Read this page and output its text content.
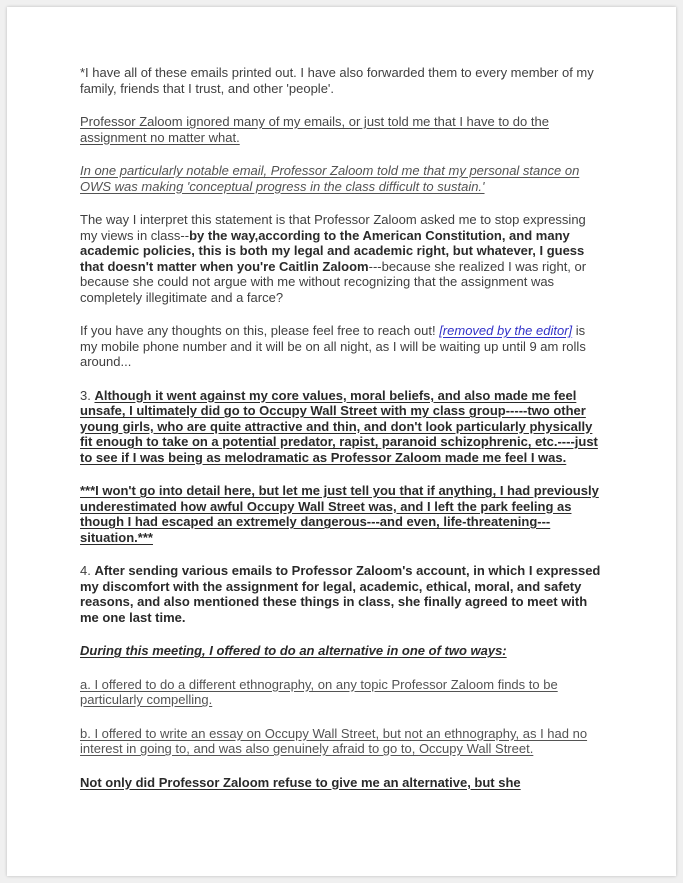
*I have all of these emails printed out. I have also forwarded them to every member of my family, friends that I trust, and other 'people'.

Professor Zaloom ignored many of my emails, or just told me that I have to do the assignment no matter what.

In one particularly notable email, Professor Zaloom told me that my personal stance on OWS was making 'conceptual progress in the class difficult to sustain.'

The way I interpret this statement is that Professor Zaloom asked me to stop expressing my views in class--by the way,according to the American Constitution, and many academic policies, this is both my legal and academic right, but whatever, I guess that doesn't matter when you're Caitlin Zaloom---because she realized I was right, or because she could not argue with me without recognizing that the assignment was completely illegitimate and a farce?

If you have any thoughts on this, please feel free to reach out! [removed by the editor] is my mobile phone number and it will be on all night, as I will be waiting up until 9 am rolls around...

3. Although it went against my core values, moral beliefs, and also made me feel unsafe, I ultimately did go to Occupy Wall Street with my class group-----two other young girls, who are quite attractive and thin, and don't look particularly physically fit enough to take on a potential predator, rapist, paranoid schizophrenic, etc.----just to see if I was being as melodramatic as Professor Zaloom made me feel I was.

***I won't go into detail here, but let me just tell you that if anything, I had previously underestimated how awful Occupy Wall Street was, and I left the park feeling as though I had escaped an extremely dangerous---and even, life-threatening---situation.***

4. After sending various emails to Professor Zaloom's account, in which I expressed my discomfort with the assignment for legal, academic, ethical, moral, and safety reasons, and also mentioned these things in class, she finally agreed to meet with me one last time.

During this meeting, I offered to do an alternative in one of two ways:

a. I offered to do a different ethnography, on any topic Professor Zaloom finds to be particularly compelling.

b. I offered to write an essay on Occupy Wall Street, but not an ethnography, as I had no interest in going to, and was also genuinely afraid to go to, Occupy Wall Street.

Not only did Professor Zaloom refuse to give me an alternative, but she
